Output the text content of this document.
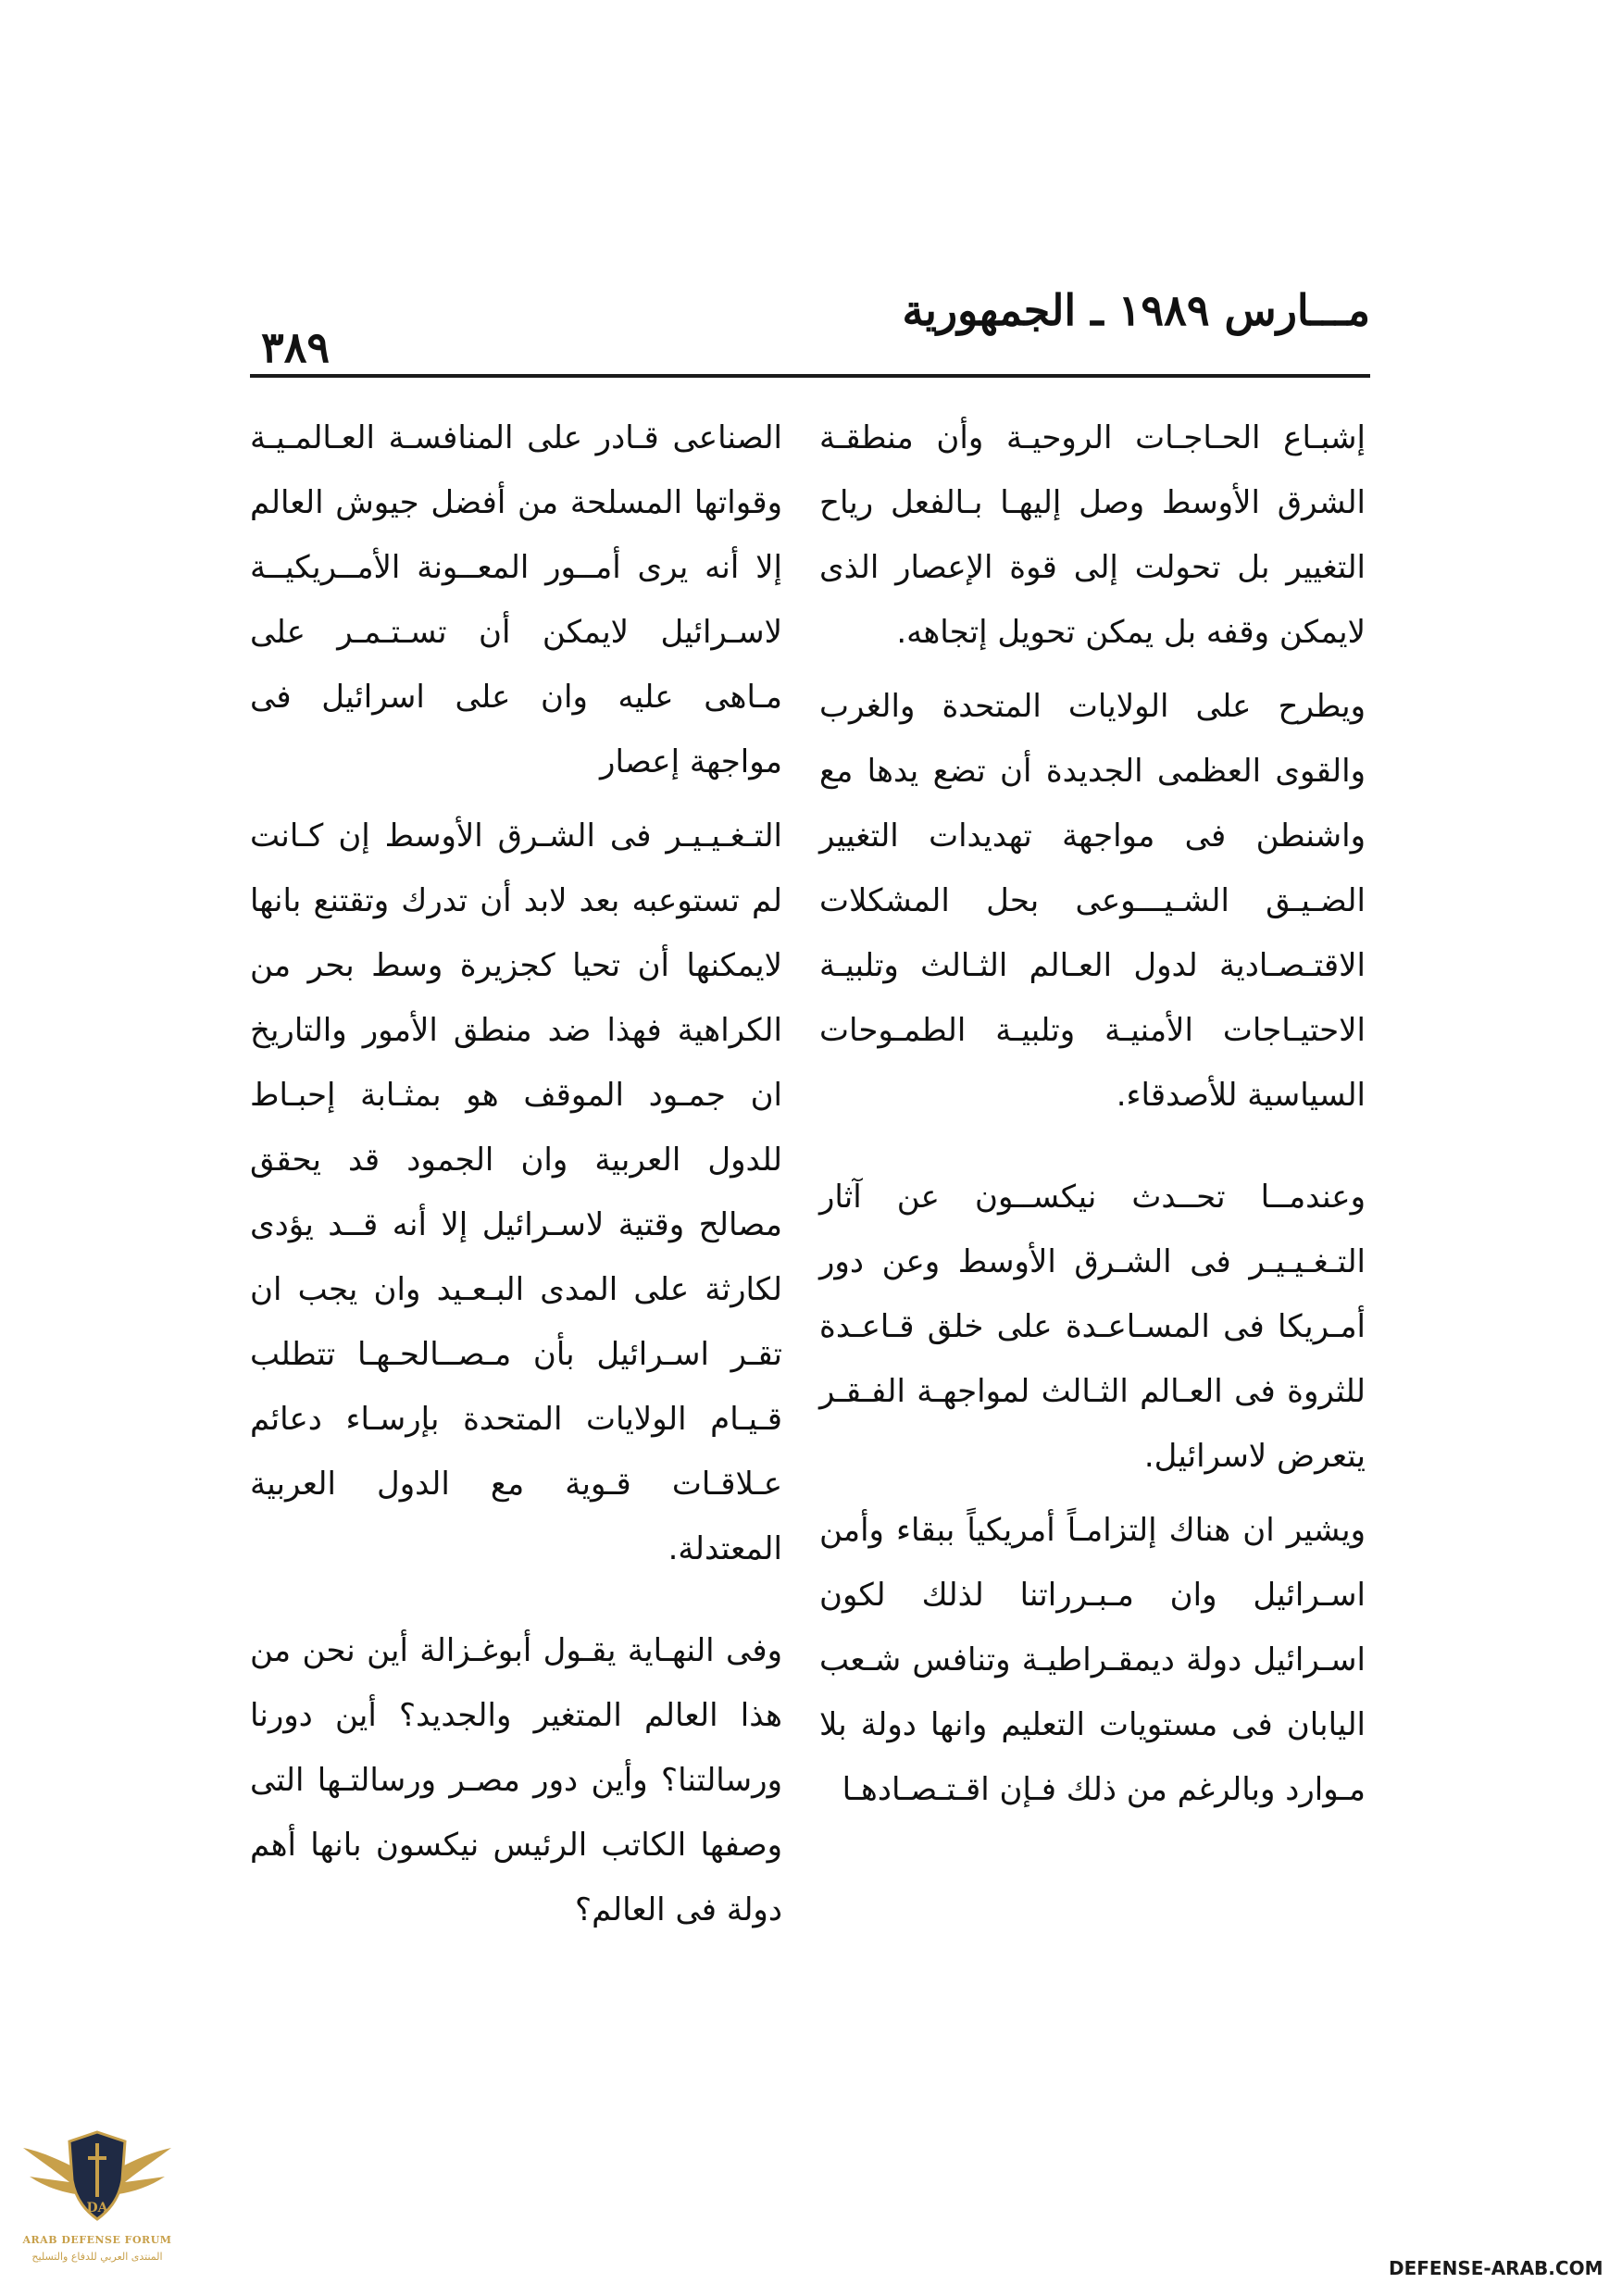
مـــارس ١٩٨٩ ـ الجمهورية
٣٨٩

إشبـاع الحـاجـات الروحيـة وأن منطقـة الشرق الأوسط وصل إليهـا بـالفعل رياح التغيير بل تحولت إلى قوة الإعصار الذى لايمكن وقفه بل يمكن تحويل إتجاهه.

ويطرح على الولايات المتحدة والغرب والقوى العظمى الجديدة أن تضع يدها مع واشنطن فى مواجهة تهديدات التغيير الضـيـق الشـيـــوعى بحل المشكلات الاقتـصـادية لدول العـالم الثـالث وتلبيـة الاحتيـاجات الأمنيـة وتلبيـة الطمـوحات السياسية للأصدقاء.

وعندمــا تحــدث نيكســون عن آثار التـغـيـيـر فى الشـرق الأوسط وعن دور أمـريكا فى المسـاعـدة على خلق قـاعـدة للثروة فى العـالم الثـالث لمواجهـة الفـقـر يتعرض لاسرائيل.

ويشير ان هناك إلتزامـاً أمريكياً ببقاء وأمن اسـرائيل وان مـبـرراتنا لذلك لكون اسـرائيل دولة ديمقـراطيـة وتنافس شـعب اليابان فى مستويات التعليم وانها دولة بلا مـوارد وبالرغم من ذلك فـإن اقـتـصـادهـا

الصناعى قـادر على المنافسـة العـالمـيـة وقواتها المسلحة من أفضل جيوش العالم إلا أنه يرى أمــور المعــونة الأمــريكيــة لاسـرائيل لايمكن أن تسـتـمـر على مـاهى عليه وان على اسرائيل فى مواجهة إعصار

التـغـيـيـر فى الشـرق الأوسط إن كـانت لم تستوعبه بعد لابد أن تدرك وتقتنع بانها لايمكنها أن تحيا كجزيرة وسط بحر من الكراهية فهذا ضد منطق الأمور والتاريخ ان جمـود الموقف هو بمثـابة إحبـاط للدول العربية وان الجمود قد يحقق مصالح وقتية لاسـرائيل إلا أنه قــد يؤدى لكارثة على المدى البـعـيد وان يجب ان تقـر اسـرائيل بأن مـصــالحـهـا تتطلب قـيـام الولايات المتحدة بإرسـاء دعائم عـلاقـات قـوية مع الدول العربية المعتدلة.

وفى النهـاية يقـول أبوغـزالة أين نحن من هذا العالم المتغير والجديد؟ أين دورنا ورسالتنا؟ وأين دور مصـر ورسالتـها التى وصفها الكاتب الرئيس نيكسون بانها أهم دولة فى العالم؟

DA
ARAB DEFENSE FORUM
المنتدى العربي للدفاع والتسليح
DEFENSE-ARAB.COM
